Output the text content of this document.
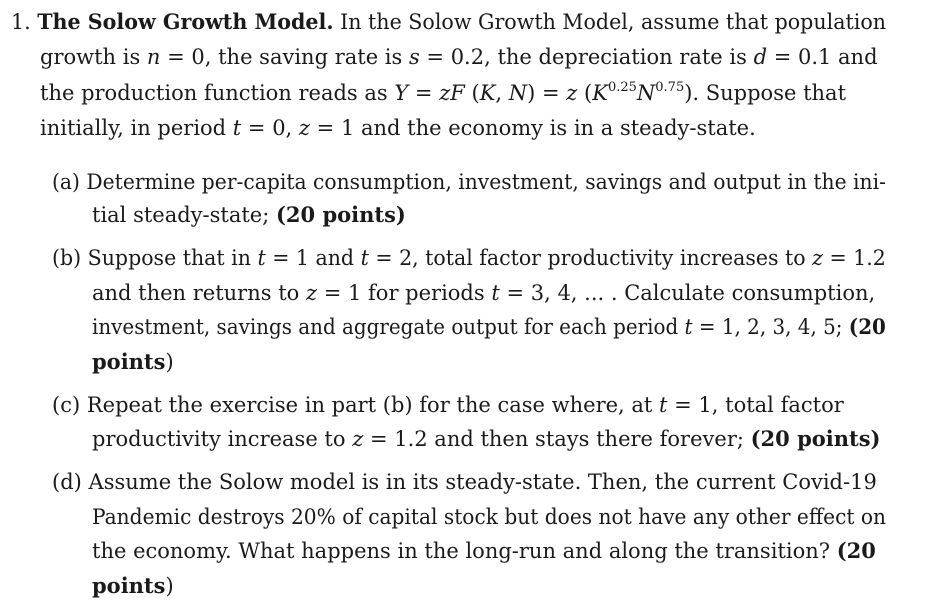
1. The Solow Growth Model. In the Solow Growth Model, assume that population
growth is n = 0, the saving rate is s = 0.2, the depreciation rate is d = 0.1 and
the production function reads as Y = zF (K, N) = z $(K^{0.25}N^{0.75})$. Suppose that
initially, in period t = 0, z = 1 and the economy is in a steady-state.
(a) Determine per-capita consumption, investment, savings and output in the ini-
tial steady-state; (20 points)
(b) Suppose that in t = 1 and t = 2, total factor productivity increases to z = 1.2
and then returns to z = 1 for periods t = 3, 4, ... . Calculate consumption,
investment, savings and aggregate output for each period t = 1, 2, 3, 4, 5; (20
points)
(c) Repeat the exercise in part (b) for the case where, at t = 1, total factor
productivity increase to z = 1.2 and then stays there forever; (20 points)
(d) Assume the Solow model is in its steady-state. Then, the current Covid-19
Pandemic destroys 20% of capital stock but does not have any other effect on
the economy. What happens in the long-run and along the transition? (20
points)
